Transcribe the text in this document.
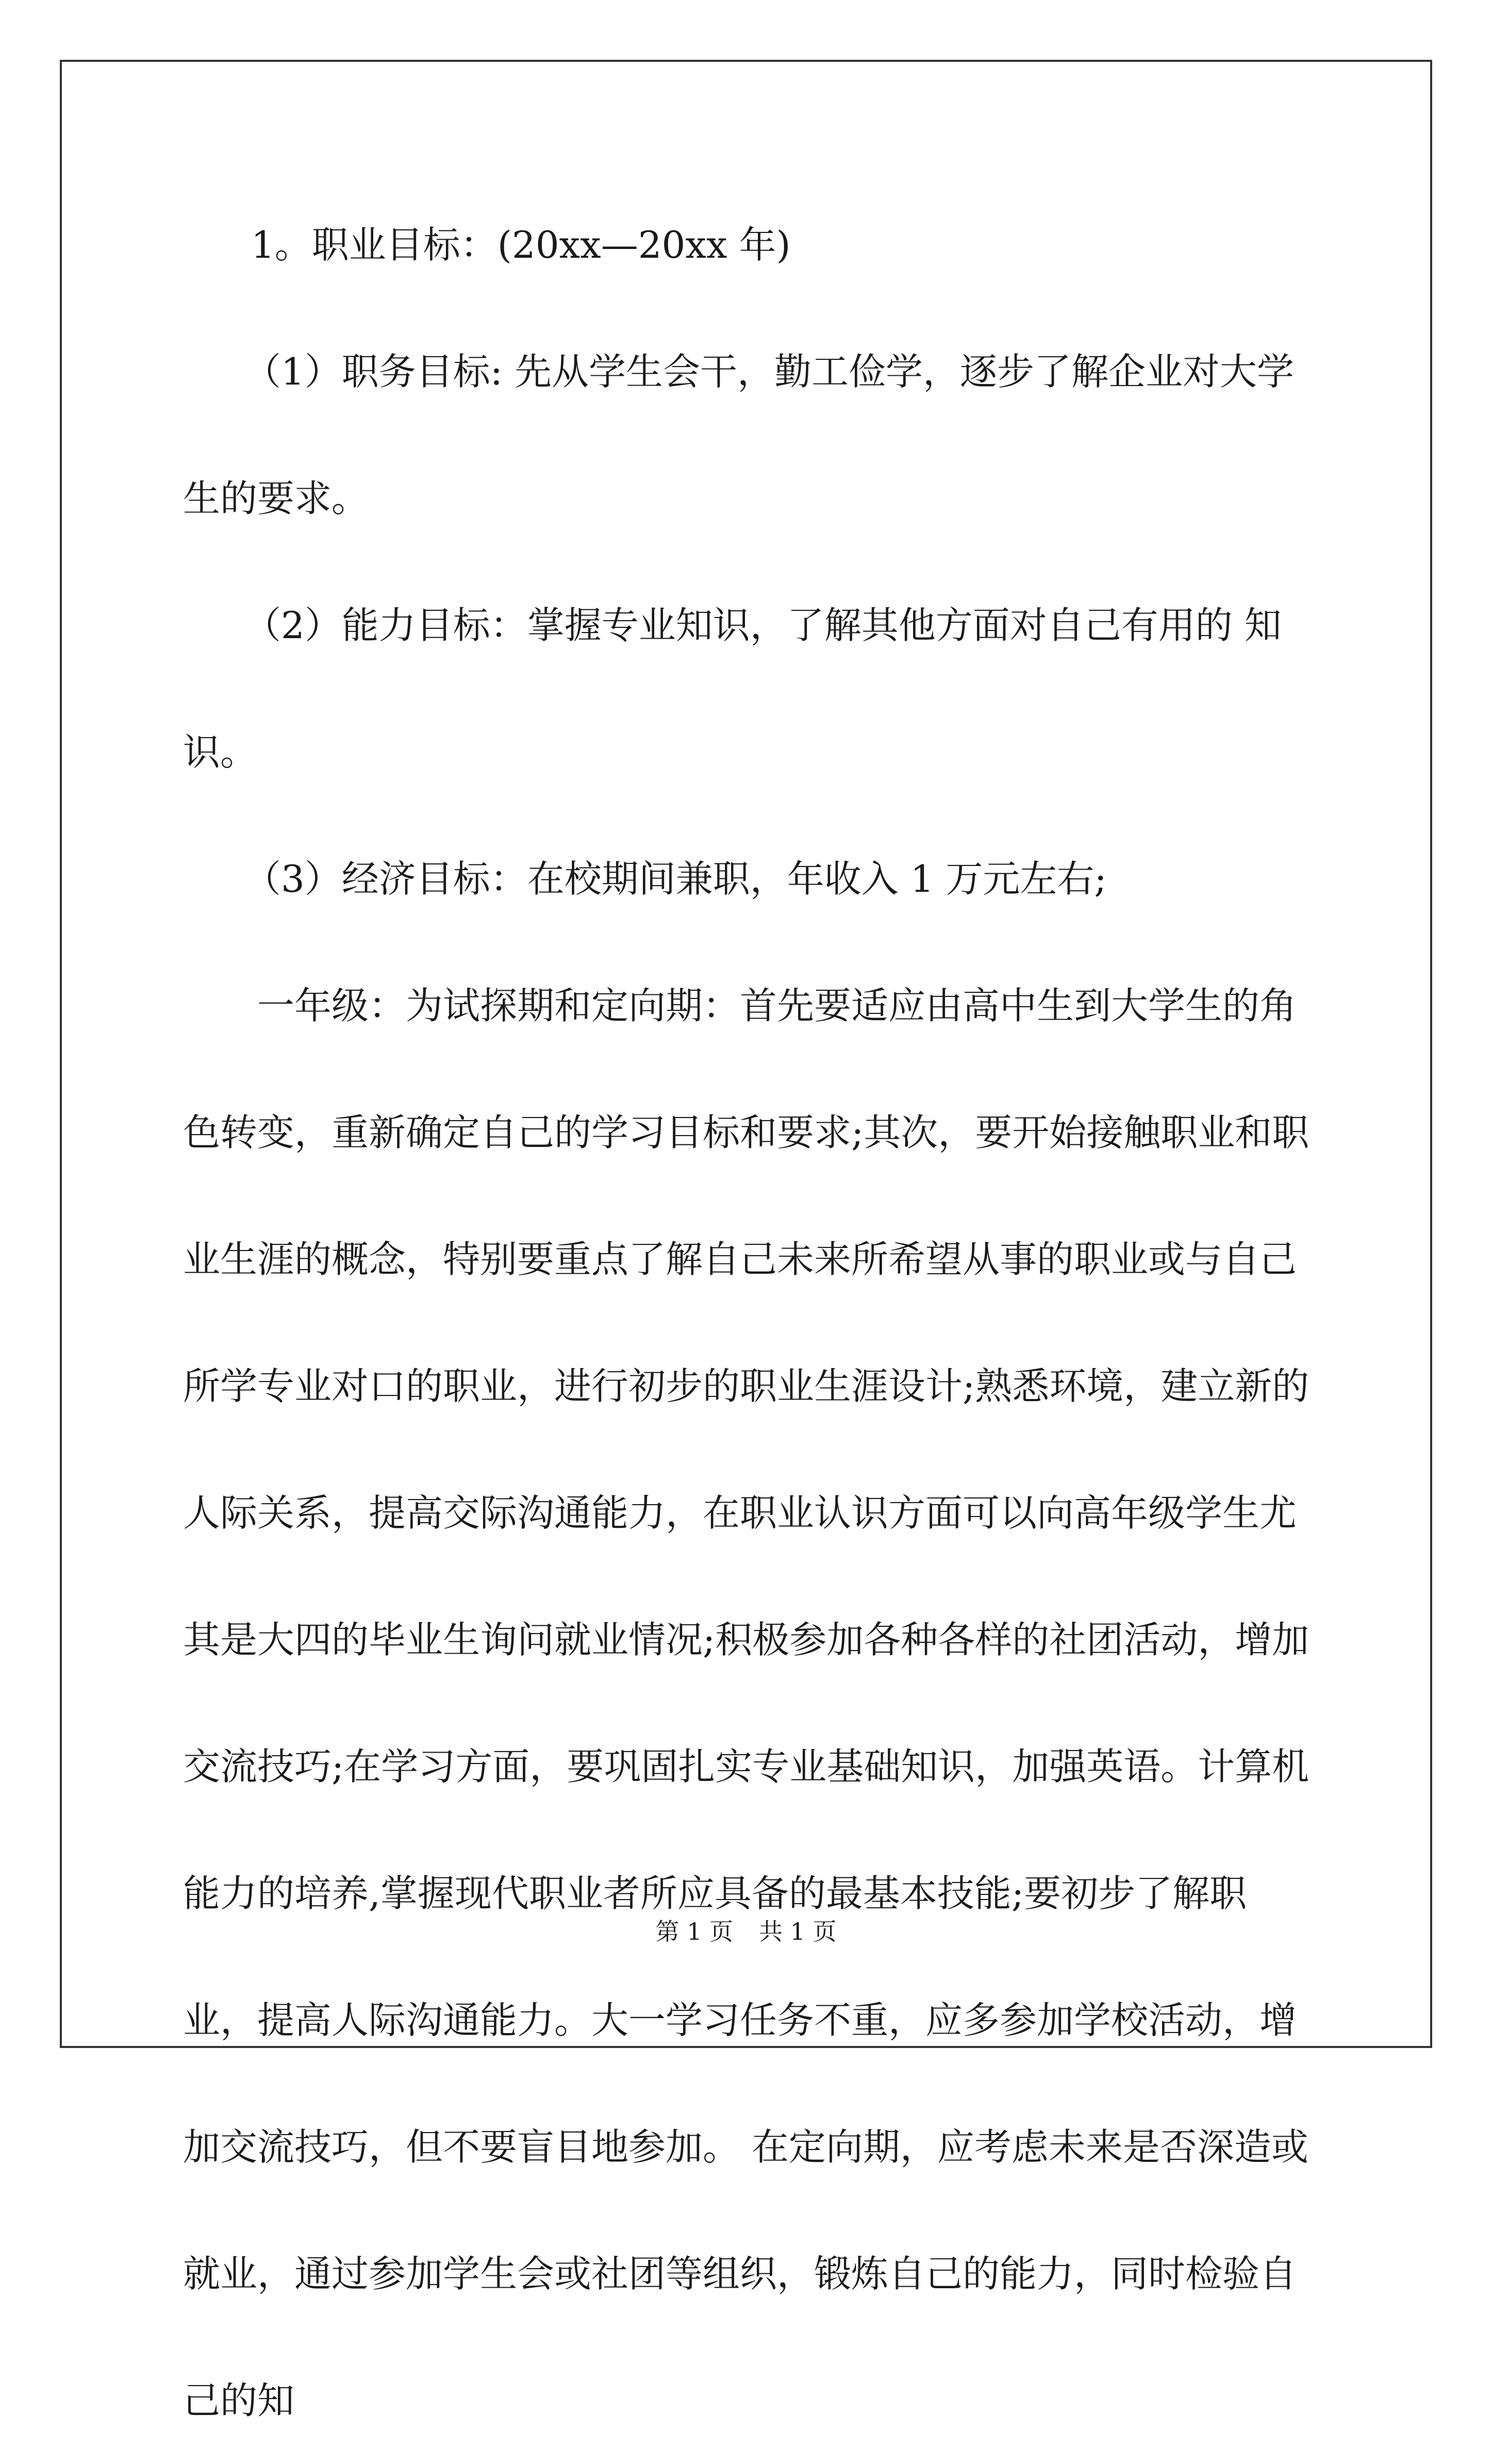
1。职业目标：(20xx—20xx 年)

（1）职务目标: 先从学生会干，勤工俭学，逐步了解企业对大学生的要求。

（2）能力目标：掌握专业知识，了解其他方面对自己有用的 知识。

（3）经济目标：在校期间兼职，年收入 1 万元左右;

一年级：为试探期和定向期：首先要适应由高中生到大学生的角色转变，重新确定自己的学习目标和要求;其次，要开始接触职业和职业生涯的概念，特别要重点了解自己未来所希望从事的职业或与自己所学专业对口的职业，进行初步的职业生涯设计;熟悉环境，建立新的人际关系，提高交际沟通能力，在职业认识方面可以向高年级学生尤其是大四的毕业生询问就业情况;积极参加各种各样的社团活动，增加交流技巧;在学习方面，要巩固扎实专业基础知识，加强英语。计算机能力的培养,掌握现代职业者所应具备的最基本技能;要初步了解职业，提高人际沟通能力。大一学习任务不重，应多参加学校活动，增加交流技巧，但不要盲目地参加。 在定向期，应考虑未来是否深造或就业，通过参加学生会或社团等组织，锻炼自己的能力，同时检验自己的知

第 1 页 共 1 页
